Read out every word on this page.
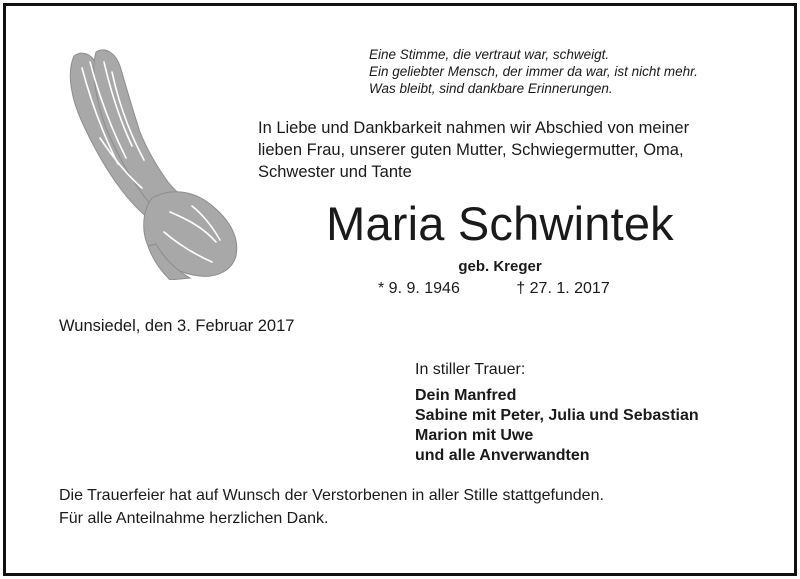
Eine Stimme, die vertraut war, schweigt.
Ein geliebter Mensch, der immer da war, ist nicht mehr.
Was bleibt, sind dankbare Erinnerungen.
In Liebe und Dankbarkeit nahmen wir Abschied von meiner
lieben Frau, unserer guten Mutter, Schwiegermutter, Oma,
Schwester und Tante
Maria Schwintek
geb. Kreger
* 9. 9. 1946	† 27. 1. 2017
Wunsiedel, den 3. Februar 2017
In stiller Trauer:
Dein Manfred
Sabine mit Peter, Julia und Sebastian
Marion mit Uwe
und alle Anverwandten
Die Trauerfeier hat auf Wunsch der Verstorbenen in aller Stille stattgefunden.
Für alle Anteilnahme herzlichen Dank.
